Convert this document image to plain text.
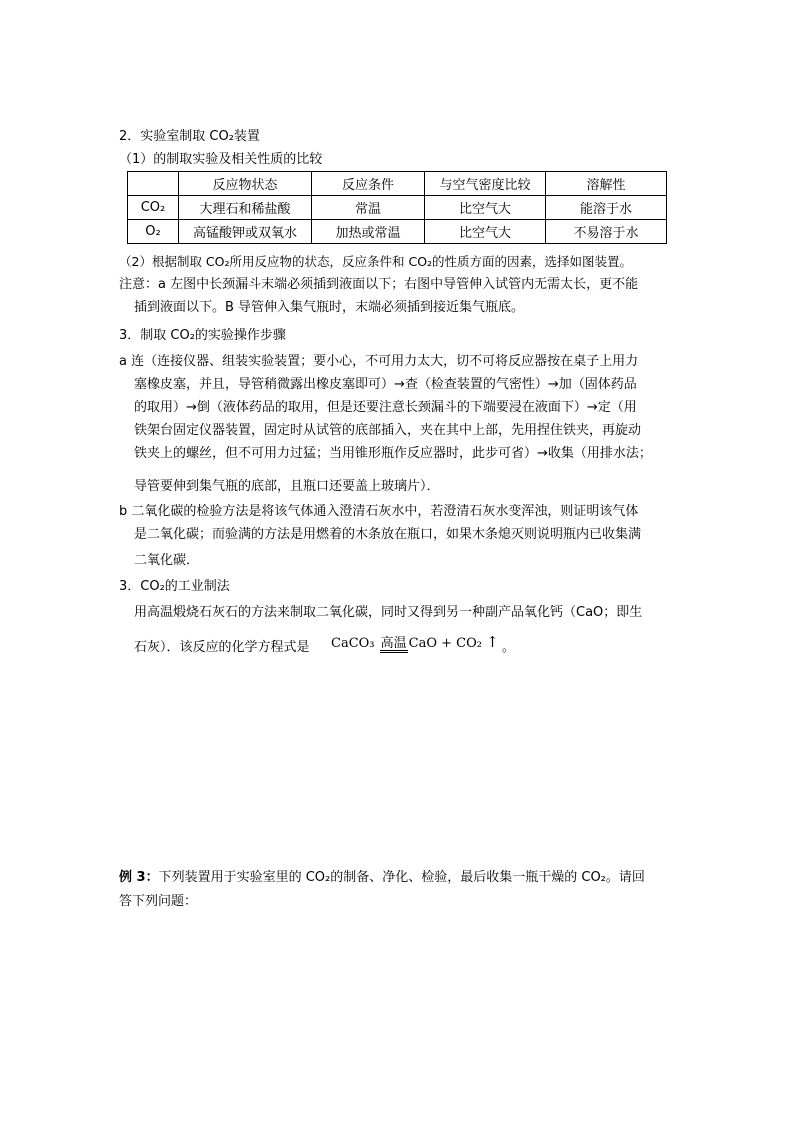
2．实验室制取 CO₂装置
（1）的制取实验及相关性质的比较
	反应物状态	反应条件	与空气密度比较	溶解性
CO₂	大理石和稀盐酸	常温	比空气大	能溶于水
O₂	高锰酸钾或双氧水	加热或常温	比空气大	不易溶于水
（2）根据制取 CO₂所用反应物的状态，反应条件和 CO₂的性质方面的因素，选择如图装置。
注意：a 左图中长颈漏斗末端必须插到液面以下；右图中导管伸入试管内无需太长，更不能
插到液面以下。B 导管伸入集气瓶时，末端必须插到接近集气瓶底。
3．制取 CO₂的实验操作步骤
a 连（连接仪器、组装实验装置；要小心，不可用力太大，切不可将反应器按在桌子上用力
塞橡皮塞，并且，导管稍微露出橡皮塞即可）→查（检查装置的气密性）→加（固体药品
的取用）→倒（液体药品的取用，但是还要注意长颈漏斗的下端要浸在液面下）→定（用
铁架台固定仪器装置，固定时从试管的底部插入，夹在其中上部，先用捏住铁夹，再旋动
铁夹上的螺丝，但不可用力过猛；当用锥形瓶作反应器时，此步可省）→收集（用排水法；
导管要伸到集气瓶的底部，且瓶口还要盖上玻璃片）．
b 二氧化碳的检验方法是将该气体通入澄清石灰水中，若澄清石灰水变浑浊，则证明该气体
是二氧化碳；而验满的方法是用燃着的木条放在瓶口，如果木条熄灭则说明瓶内已收集满
二氧化碳．
3．CO₂的工业制法
用高温煅烧石灰石的方法来制取二氧化碳，同时又得到另一种副产品氧化钙（CaO；即生
石灰）．该反应的化学方程式是 CaCO₃ 高温 CaO + CO₂ ↑ 。
例 3：下列装置用于实验室里的 CO₂的制备、净化、检验，最后收集一瓶干燥的 CO₂。请回
答下列问题：
